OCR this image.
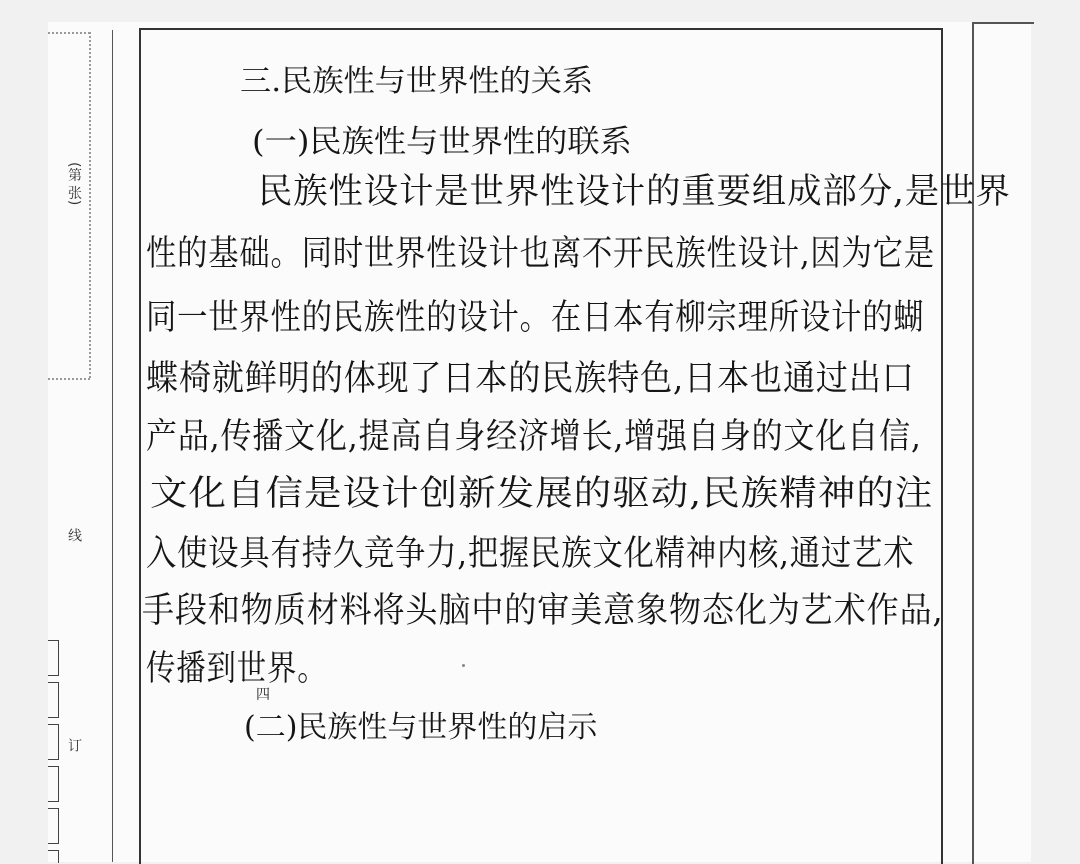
(第 张)
线
订
三.民族性与世界性的关系
(一)民族性与世界性的联系
民族性设计是世界性设计的重要组成部分,是世界
性的基础。同时世界性设计也离不开民族性设计,因为它是
同一世界性的民族性的设计。在日本有柳宗理所设计的蝴
蝶椅就鲜明的体现了日本的民族特色,日本也通过出口
产品,传播文化,提高自身经济增长,增强自身的文化自信,
文化自信是设计创新发展的驱动,民族精神的注
入使设具有持久竞争力,把握民族文化精神内核,通过艺术
手段和物质材料将头脑中的审美意象物态化为艺术作品,
传播到世界。
四
(二)民族性与世界性的启示
